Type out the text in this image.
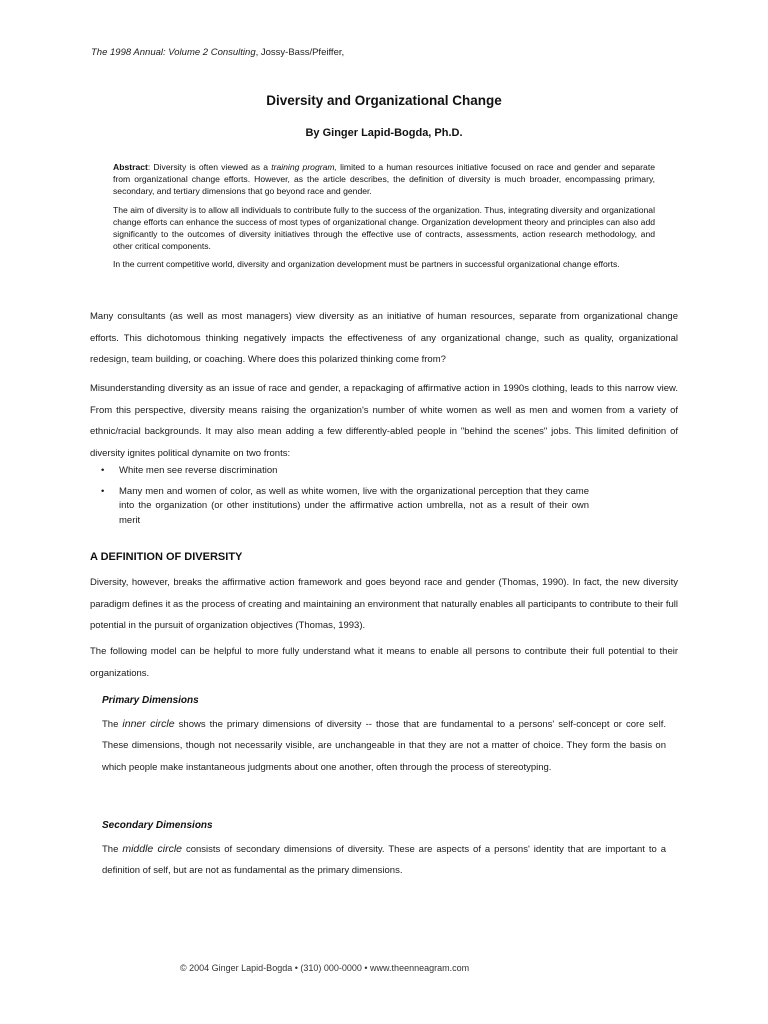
The 1998 Annual: Volume 2 Consulting, Jossy-Bass/Pfeiffer,
Diversity and Organizational Change
By Ginger Lapid-Bogda, Ph.D.

Abstract: Diversity is often viewed as a training program, limited to a human resources initiative focused on race and gender and separate from organizational change efforts. However, as the article describes, the definition of diversity is much broader, encompassing primary, secondary, and tertiary dimensions that go beyond race and gender.

The aim of diversity is to allow all individuals to contribute fully to the success of the organization. Thus, integrating diversity and organizational change efforts can enhance the success of most types of organizational change. Organization development theory and principles can also add significantly to the outcomes of diversity initiatives through the effective use of contracts, assessments, action research methodology, and other critical components.

In the current competitive world, diversity and organization development must be partners in successful organizational change efforts.

Many consultants (as well as most managers) view diversity as an initiative of human resources, separate from organizational change efforts. This dichotomous thinking negatively impacts the effectiveness of any organizational change, such as quality, organizational redesign, team building, or coaching. Where does this polarized thinking come from?

Misunderstanding diversity as an issue of race and gender, a repackaging of affirmative action in 1990s clothing, leads to this narrow view. From this perspective, diversity means raising the organization's number of white women as well as men and women from a variety of ethnic/racial backgrounds. It may also mean adding a few differently-abled people in "behind the scenes" jobs. This limited definition of diversity ignites political dynamite on two fronts:

• White men see reverse discrimination
• Many men and women of color, as well as white women, live with the organizational perception that they came into the organization (or other institutions) under the affirmative action umbrella, not as a result of their own merit
A DEFINITION OF DIVERSITY

Diversity, however, breaks the affirmative action framework and goes beyond race and gender (Thomas, 1990). In fact, the new diversity paradigm defines it as the process of creating and maintaining an environment that naturally enables all participants to contribute to their full potential in the pursuit of organization objectives (Thomas, 1993).

The following model can be helpful to more fully understand what it means to enable all persons to contribute their full potential to their organizations.

Primary Dimensions

The inner circle shows the primary dimensions of diversity -- those that are fundamental to a persons' self-concept or core self. These dimensions, though not necessarily visible, are unchangeable in that they are not a matter of choice. They form the basis on which people make instantaneous judgments about one another, often through the process of stereotyping.

Secondary Dimensions

The middle circle consists of secondary dimensions of diversity. These are aspects of a persons' identity that are important to a definition of self, but are not as fundamental as the primary dimensions.

© 2004 Ginger Lapid-Bogda • (310) 000-0000 • www.theenneagram.com
